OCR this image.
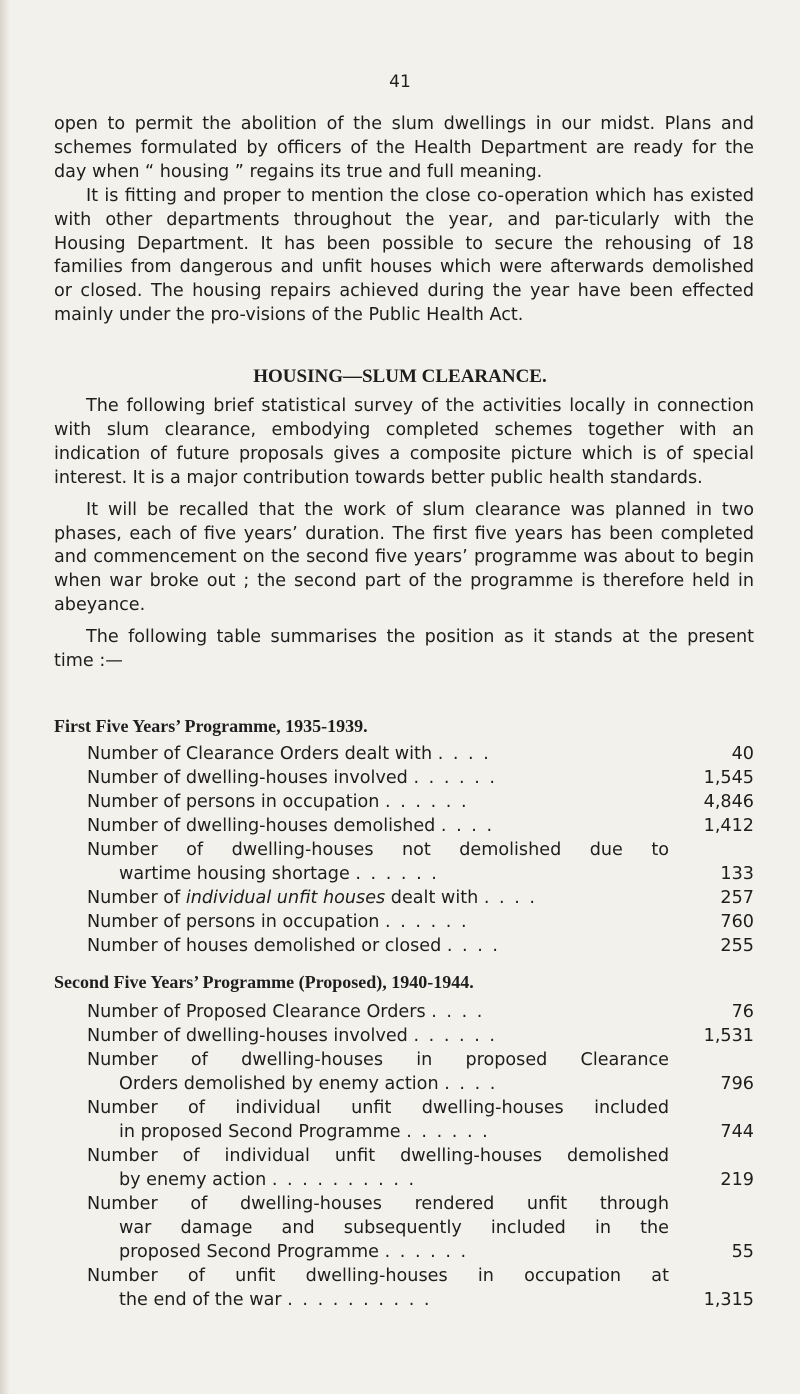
41

open to permit the abolition of the slum dwellings in our midst. Plans and schemes formulated by officers of the Health Department are ready for the day when “ housing ” regains its true and full meaning.

It is fitting and proper to mention the close co-operation which has existed with other departments throughout the year, and par-ticularly with the Housing Department. It has been possible to secure the rehousing of 18 families from dangerous and unfit houses which were afterwards demolished or closed. The housing repairs achieved during the year have been effected mainly under the pro-visions of the Public Health Act.

HOUSING—SLUM CLEARANCE.

The following brief statistical survey of the activities locally in connection with slum clearance, embodying completed schemes together with an indication of future proposals gives a composite picture which is of special interest. It is a major contribution towards better public health standards.

It will be recalled that the work of slum clearance was planned in two phases, each of five years’ duration. The first five years has been completed and commencement on the second five years’ programme was about to begin when war broke out ; the second part of the programme is therefore held in abeyance.

The following table summarises the position as it stands at the present time :—

First Five Years’ Programme, 1935-1939.
Number of Clearance Orders dealt with . . . .	40
Number of dwelling-houses involved . . . . . .	1,545
Number of persons in occupation . . . . . .	4,846
Number of dwelling-houses demolished . . . .	1,412
Number of dwelling-houses not demolished due to
wartime housing shortage . . . . . .	133
Number of individual unfit houses dealt with . . . .	257
Number of persons in occupation . . . . . .	760
Number of houses demolished or closed . . . .	255
Second Five Years’ Programme (Proposed), 1940-1944.
Number of Proposed Clearance Orders . . . .	76
Number of dwelling-houses involved . . . . . .	1,531
Number of dwelling-houses in proposed Clearance
Orders demolished by enemy action . . . .	796
Number of individual unfit dwelling-houses included
in proposed Second Programme . . . . . .	744
Number of individual unfit dwelling-houses demolished
by enemy action . . . . . . . . . .	219
Number of dwelling-houses rendered unfit through
war damage and subsequently included in the
proposed Second Programme . . . . . .	55
Number of unfit dwelling-houses in occupation at
the end of the war . . . . . . . . . .	1,315
